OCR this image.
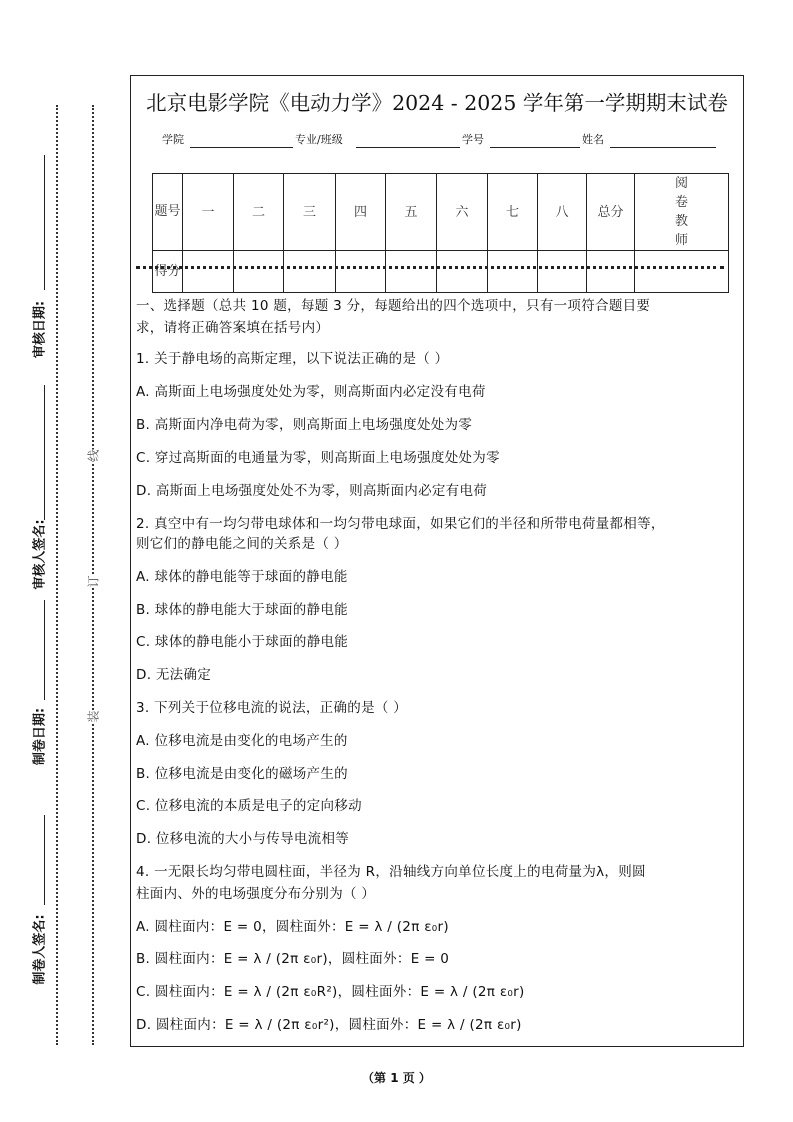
线
订
装
审核日期:
审核人签名:
制卷日期:
制卷人签名:
北京电影学院《电动力学》2024 - 2025 学年第一学期期末试卷
学院	专业/班级	学号	姓名
题号	一	二	三	四	五	六	七	八	总分	阅卷教师
得分										
一、选择题（总共 10 题，每题 3 分，每题给出的四个选项中，只有一项符合题目要
求，请将正确答案填在括号内）
1. 关于静电场的高斯定理，以下说法正确的是（ ）
A. 高斯面上电场强度处处为零，则高斯面内必定没有电荷
B. 高斯面内净电荷为零，则高斯面上电场强度处处为零
C. 穿过高斯面的电通量为零，则高斯面上电场强度处处为零
D. 高斯面上电场强度处处不为零，则高斯面内必定有电荷
2. 真空中有一均匀带电球体和一均匀带电球面，如果它们的半径和所带电荷量都相等，
则它们的静电能之间的关系是（ ）
A. 球体的静电能等于球面的静电能
B. 球体的静电能大于球面的静电能
C. 球体的静电能小于球面的静电能
D. 无法确定
3. 下列关于位移电流的说法，正确的是（ ）
A. 位移电流是由变化的电场产生的
B. 位移电流是由变化的磁场产生的
C. 位移电流的本质是电子的定向移动
D. 位移电流的大小与传导电流相等
4. 一无限长均匀带电圆柱面，半径为 R，沿轴线方向单位长度上的电荷量为λ，则圆
柱面内、外的电场强度分布分别为（ ）
A. 圆柱面内：E = 0，圆柱面外：E = λ / (2π ε₀r)
B. 圆柱面内：E = λ / (2π ε₀r)，圆柱面外：E = 0
C. 圆柱面内：E = λ / (2π ε₀R²)，圆柱面外：E = λ / (2π ε₀r)
D. 圆柱面内：E = λ / (2π ε₀r²)，圆柱面外：E = λ / (2π ε₀r)
（第 1 页 ）
